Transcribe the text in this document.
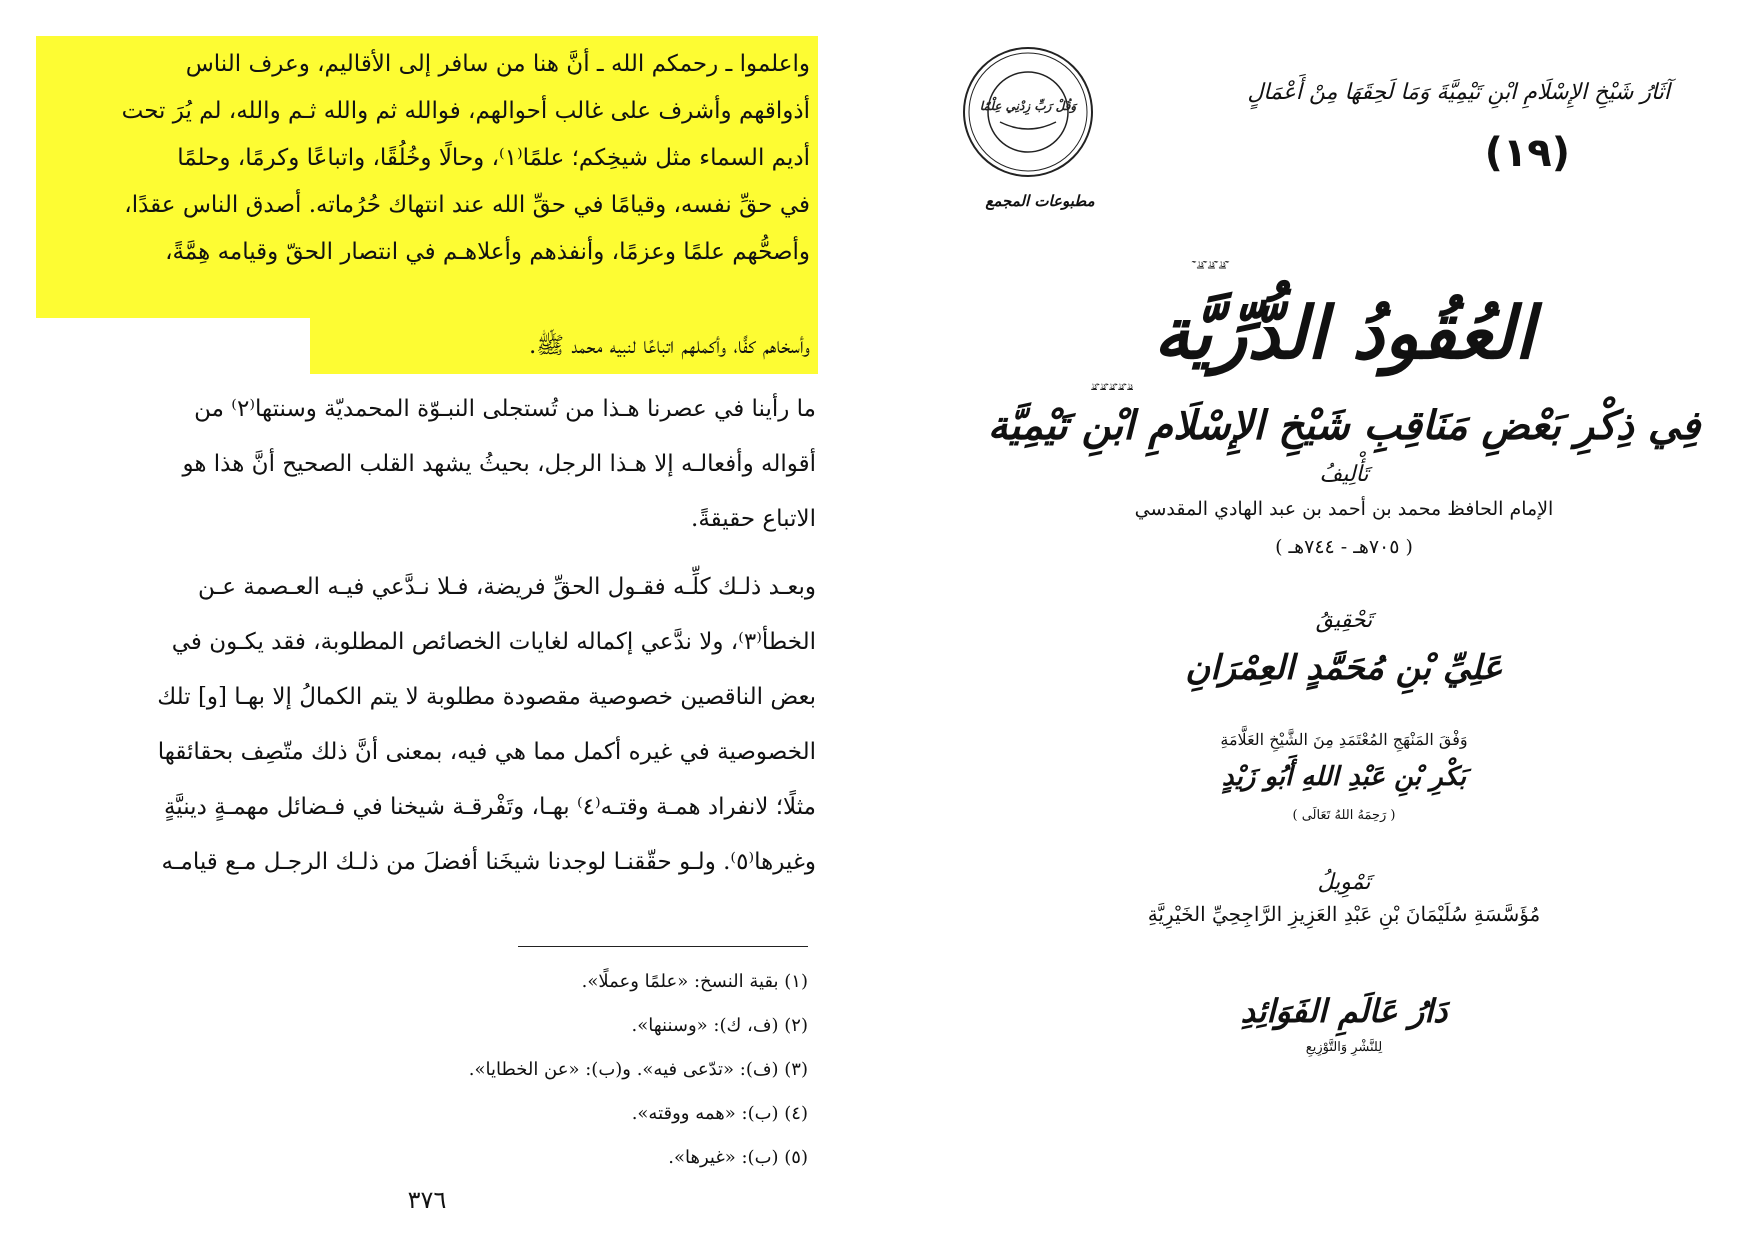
واعلموا ـ رحمكم الله ـ أنَّ هنا من سافر إلى الأقاليم، وعرف الناس
أذواقهم وأشرف على غالب أحوالهم، فوالله ثم والله ثـم والله، لم يُرَ تحت
أديم السماء مثل شيخِكم؛ علمًا⁽١⁾، وحالًا وخُلُقًا، واتباعًا وكرمًا، وحلمًا
في حقِّ نفسه، وقيامًا في حقِّ الله عند انتهاك حُرُماته. أصدق الناس عقدًا،
وأصحُّهم علمًا وعزمًا، وأنفذهم وأعلاهـم في انتصار الحقّ وقيامه هِمَّةً،
وأسخاهم كفًّا، وأكملهم اتباعًا لنبيه محمد ﷺ.
ما رأينا في عصرنا هـذا من تُستجلى النبـوّة المحمديّة وسنتها⁽٢⁾ من
أقواله وأفعالـه إلا هـذا الرجل، بحيثُ يشهد القلب الصحيح أنَّ هذا هو
الاتباع حقيقةً.
وبعـد ذلـك كلِّـه فقـول الحقِّ فريضة، فـلا نـدَّعي فيـه العـصمة عـن
الخطأ⁽٣⁾، ولا ندَّعي إكماله لغايات الخصائص المطلوبة، فقد يكـون في
بعض الناقصين خصوصية مقصودة مطلوبة لا يتم الكمالُ إلا بهـا [و] تلك
الخصوصية في غيره أكمل مما هي فيه، بمعنى أنَّ ذلك متّصِف بحقائقها
مثلًا؛ لانفراد همـة وقتـه⁽٤⁾ بهـا، وتَفْرقـة شيخنا في فـضائل مهمـةٍ دينيَّةٍ
وغيرها⁽٥⁾. ولـو حقّقنـا لوجدنا شيخَنا أفضلَ من ذلـك الرجـل مـع قيامـه
(١) بقية النسخ: «علمًا وعملًا».
(٢) (ف، ك): «وسننها».
(٣) (ف): «تدّعى فيه». و(ب): «عن الخطايا».
(٤) (ب): «همه ووقته».
(٥) (ب): «غيرها».
٣٧٦
آثَارُ شَيْخِ الإِسْلَامِ ابْنِ تَيْمِيَّةَ وَمَا لَحِقَهَا مِنْ أَعْمَالٍ
(١٩)
وَقُلْ رَبِّ زِدْنِي عِلْمًا
مطبوعات المجمع
ۡ ۗ ۡ ۗ ۡ ۗ ۡ
العُقُودُ الدُّرِّيَّة
ۗ ۡ ۗ ۡ ۗ ۡ ۗ ۡ ۗ
فِي ذِكْرِ بَعْضِ مَنَاقِبِ شَيْخِ الإِسْلَامِ ابْنِ تَيْمِيَّة
تَأْلِيفُ
الإمام الحافظ محمد بن أحمد بن عبد الهادي المقدسي
( ٧٠٥هـ - ٧٤٤هـ )
تَحْقِيقُ
عَلِيِّ بْنِ مُحَمَّدٍ العِمْرَانِ
وَفْقَ المَنْهَجِ المُعْتَمَدِ مِنَ الشَّيْخِ العَلَّامَةِ
بَكْرِ بْنِ عَبْدِ اللهِ أَبُو زَيْدٍ
( رَحِمَهُ اللهُ تَعَالَى )
تَمْوِيلُ
مُؤَسَّسَةِ سُلَيْمَانَ بْنِ عَبْدِ العَزِيزِ الرَّاجِحِيِّ الخَيْرِيَّةِ
دَارُ عَالَمِ الفَوَائِدِ
لِلنَّشْرِ وَالتَّوْزِيعِ
